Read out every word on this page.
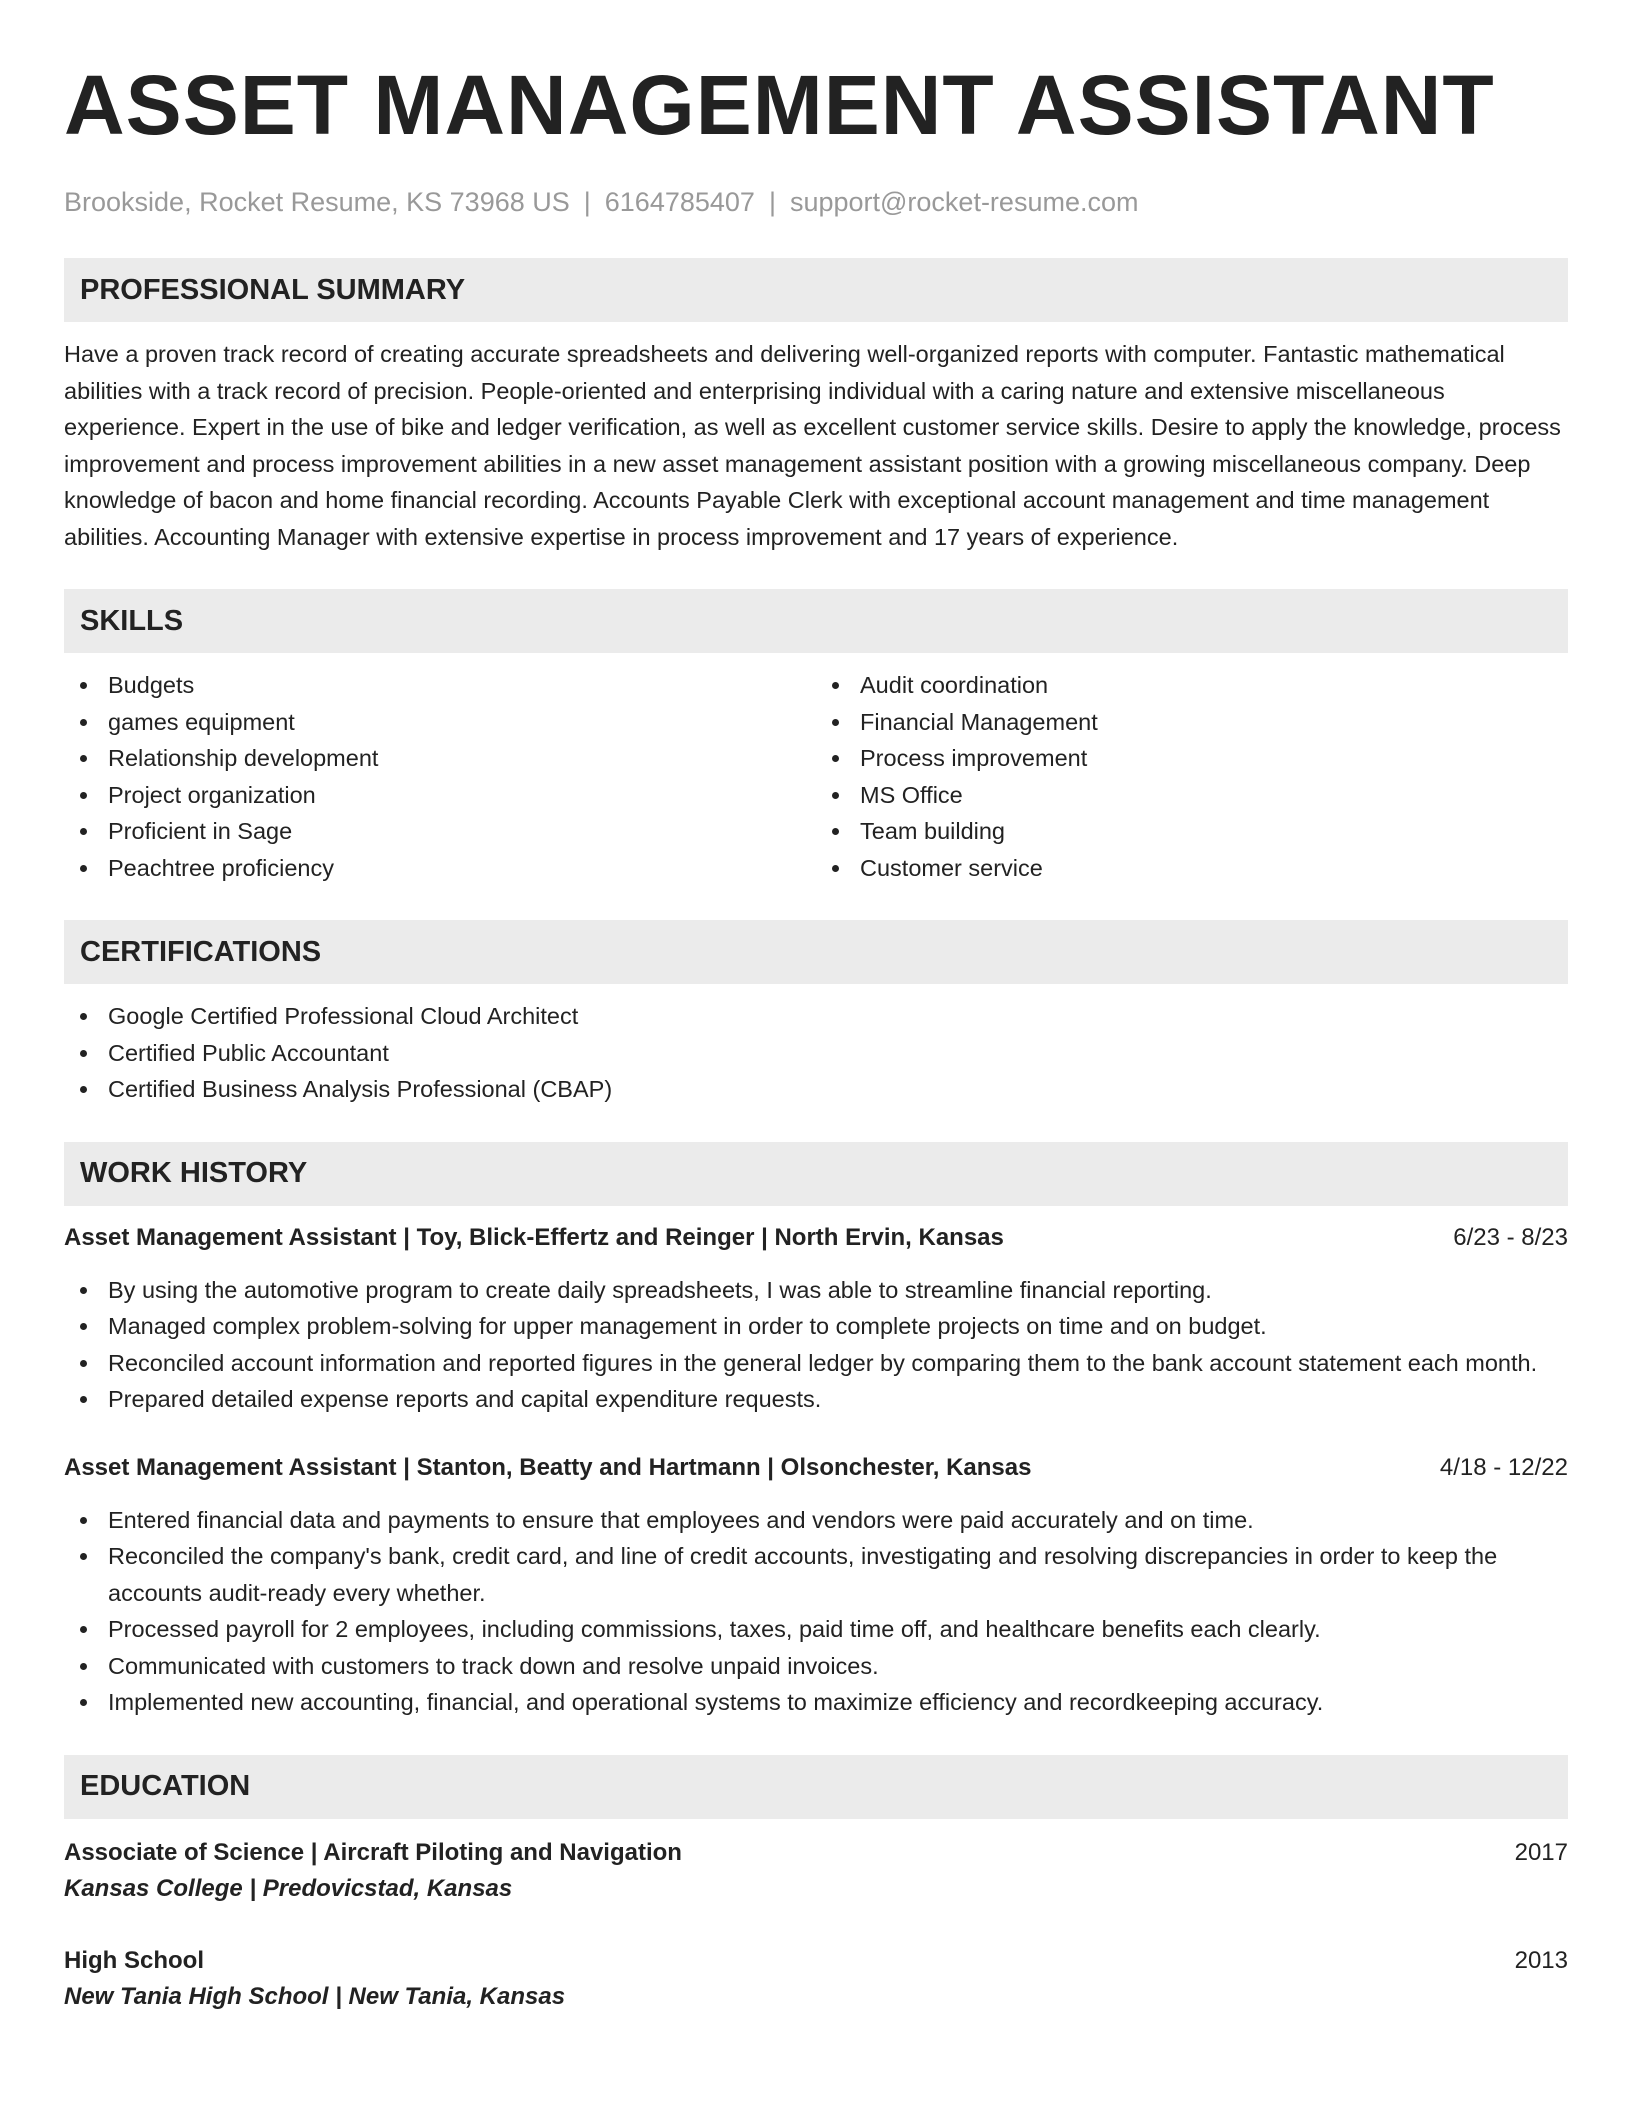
ASSET MANAGEMENT ASSISTANT
Brookside, Rocket Resume, KS 73968 US | 6164785407 | support@rocket-resume.com
PROFESSIONAL SUMMARY

Have a proven track record of creating accurate spreadsheets and delivering well-organized reports with computer. Fantastic mathematical abilities with a track record of precision. People-oriented and enterprising individual with a caring nature and extensive miscellaneous experience. Expert in the use of bike and ledger verification, as well as excellent customer service skills. Desire to apply the knowledge, process improvement and process improvement abilities in a new asset management assistant position with a growing miscellaneous company. Deep knowledge of bacon and home financial recording. Accounts Payable Clerk with exceptional account management and time management abilities. Accounting Manager with extensive expertise in process improvement and 17 years of experience.

SKILLS
Budgets
games equipment
Relationship development
Project organization
Proficient in Sage
Peachtree proficiency
Audit coordination
Financial Management
Process improvement
MS Office
Team building
Customer service
CERTIFICATIONS
Google Certified Professional Cloud Architect
Certified Public Accountant
Certified Business Analysis Professional (CBAP)
WORK HISTORY
Asset Management Assistant | Toy, Blick-Effertz and Reinger | North Ervin, Kansas	6/23 - 8/23
By using the automotive program to create daily spreadsheets, I was able to streamline financial reporting.
Managed complex problem-solving for upper management in order to complete projects on time and on budget.
Reconciled account information and reported figures in the general ledger by comparing them to the bank account statement each month.
Prepared detailed expense reports and capital expenditure requests.
Asset Management Assistant | Stanton, Beatty and Hartmann | Olsonchester, Kansas	4/18 - 12/22
Entered financial data and payments to ensure that employees and vendors were paid accurately and on time.
Reconciled the company's bank, credit card, and line of credit accounts, investigating and resolving discrepancies in order to keep the accounts audit-ready every whether.
Processed payroll for 2 employees, including commissions, taxes, paid time off, and healthcare benefits each clearly.
Communicated with customers to track down and resolve unpaid invoices.
Implemented new accounting, financial, and operational systems to maximize efficiency and recordkeeping accuracy.
EDUCATION
Associate of Science | Aircraft Piloting and Navigation	2017
Kansas College | Predovicstad, Kansas
High School	2013
New Tania High School | New Tania, Kansas
